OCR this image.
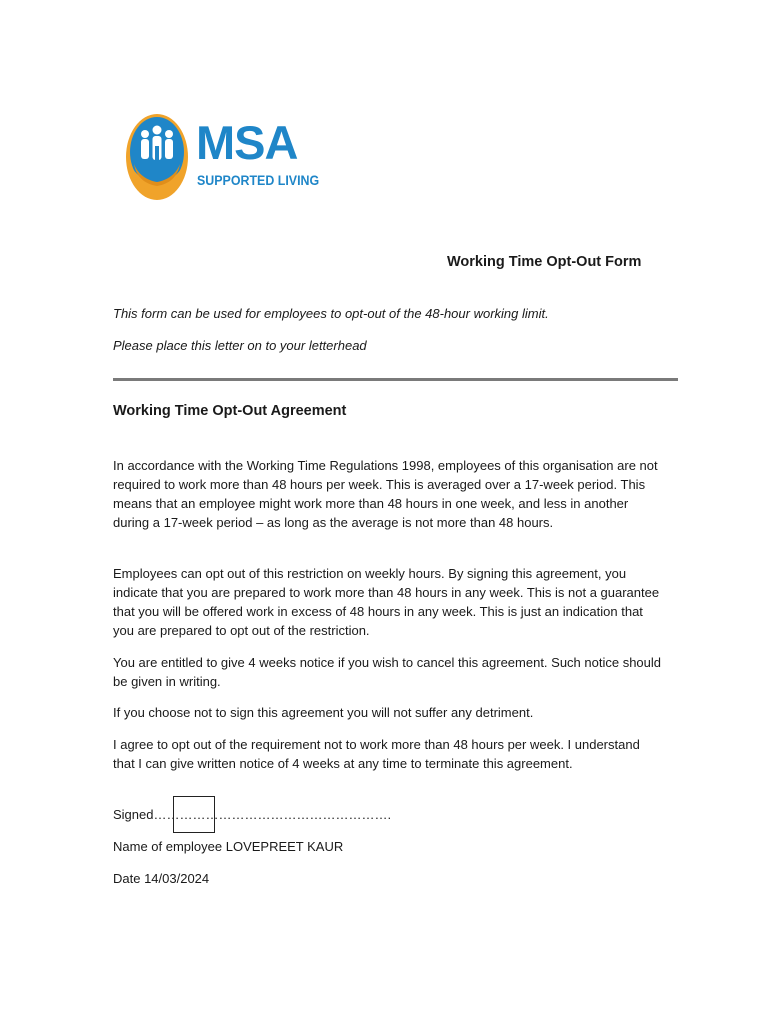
MSA
SUPPORTED LIVING
Working Time Opt-Out Form
This form can be used for employees to opt-out of the 48-hour working limit.
Please place this letter on to your letterhead
Working Time Opt-Out Agreement

In accordance with the Working Time Regulations 1998, employees of this organisation are not required to work more than 48 hours per week. This is averaged over a 17-week period. This means that an employee might work more than 48 hours in one week, and less in another during a 17-week period – as long as the average is not more than 48 hours.

Employees can opt out of this restriction on weekly hours. By signing this agreement, you indicate that you are prepared to work more than 48 hours in any week. This is not a guarantee that you will be offered work in excess of 48 hours in any week. This is just an indication that you are prepared to opt out of the restriction.

You are entitled to give 4 weeks notice if you wish to cancel this agreement. Such notice should be given in writing.

If you choose not to sign this agreement you will not suffer any detriment.

I agree to opt out of the requirement not to work more than 48 hours per week. I understand that I can give written notice of 4 weeks at any time to terminate this agreement.

Signed……………………………………………….
Name of employee LOVEPREET KAUR
Date 14/03/2024
